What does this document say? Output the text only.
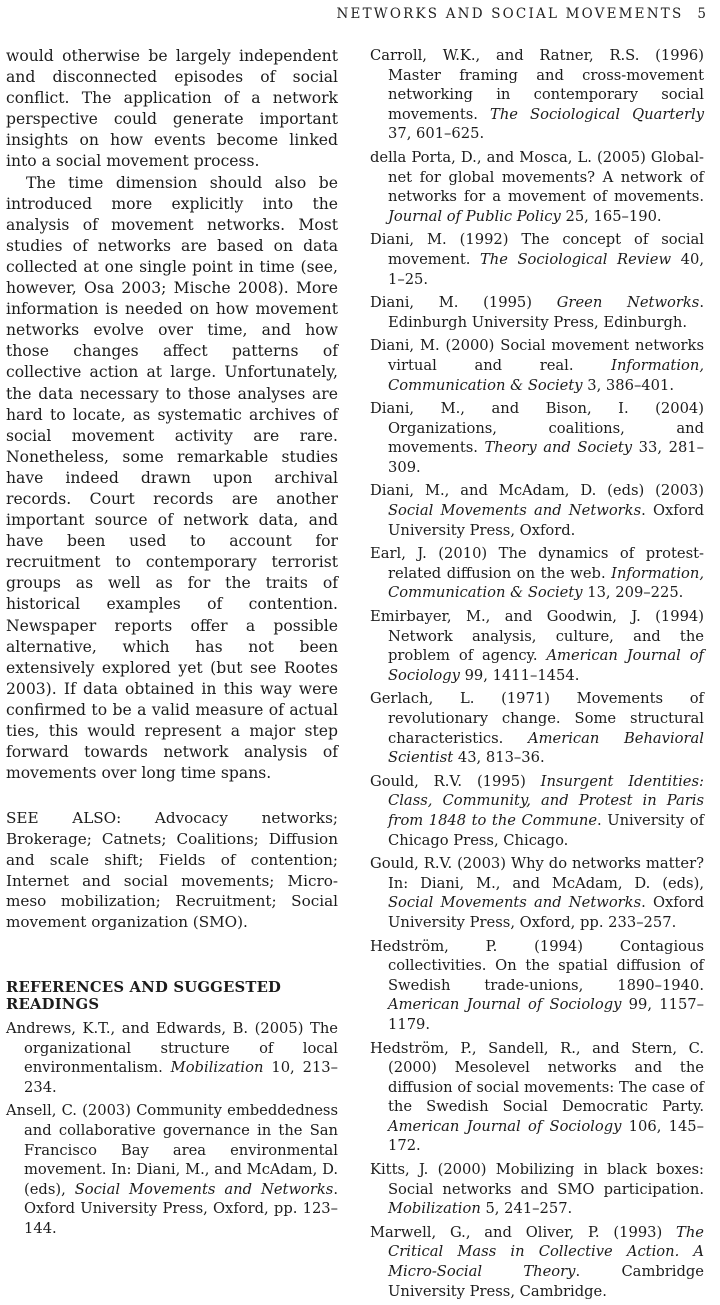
NETWORKS AND SOCIAL MOVEMENTS 5

would otherwise be largely independent and disconnected episodes of social conflict. The application of a network perspective could generate important insights on how events become linked into a social movement process.

The time dimension should also be introduced more explicitly into the analysis of movement networks. Most studies of networks are based on data collected at one single point in time (see, however, Osa 2003; Mische 2008). More information is needed on how movement networks evolve over time, and how those changes affect patterns of collective action at large. Unfortunately, the data necessary to those analyses are hard to locate, as systematic archives of social movement activity are rare. Nonetheless, some remarkable studies have indeed drawn upon archival records. Court records are another important source of network data, and have been used to account for recruitment to contemporary terrorist groups as well as for the traits of historical examples of contention. Newspaper reports offer a possible alternative, which has not been extensively explored yet (but see Rootes 2003). If data obtained in this way were confirmed to be a valid measure of actual ties, this would represent a major step forward towards network analysis of movements over long time spans.

SEE ALSO: Advocacy networks; Brokerage; Catnets; Coalitions; Diffusion and scale shift; Fields of contention; Internet and social movements; Micro-meso mobilization; Recruitment; Social movement organization (SMO).
REFERENCES AND SUGGESTED READINGS

Andrews, K.T., and Edwards, B. (2005) The organizational structure of local environmentalism. Mobilization 10, 213–234.

Ansell, C. (2003) Community embeddedness and collaborative governance in the San Francisco Bay area environmental movement. In: Diani, M., and McAdam, D. (eds), Social Movements and Networks. Oxford University Press, Oxford, pp. 123–144.

Carroll, W.K., and Ratner, R.S. (1996) Master framing and cross-movement networking in contemporary social movements. The Sociological Quarterly 37, 601–625.

della Porta, D., and Mosca, L. (2005) Global-net for global movements? A network of networks for a movement of movements. Journal of Public Policy 25, 165–190.

Diani, M. (1992) The concept of social movement. The Sociological Review 40, 1–25.

Diani, M. (1995) Green Networks. Edinburgh University Press, Edinburgh.

Diani, M. (2000) Social movement networks virtual and real. Information, Communication & Society 3, 386–401.

Diani, M., and Bison, I. (2004) Organizations, coalitions, and movements. Theory and Society 33, 281–309.

Diani, M., and McAdam, D. (eds) (2003) Social Movements and Networks. Oxford University Press, Oxford.

Earl, J. (2010) The dynamics of protest-related diffusion on the web. Information, Communication & Society 13, 209–225.

Emirbayer, M., and Goodwin, J. (1994) Network analysis, culture, and the problem of agency. American Journal of Sociology 99, 1411–1454.

Gerlach, L. (1971) Movements of revolutionary change. Some structural characteristics. American Behavioral Scientist 43, 813–36.

Gould, R.V. (1995) Insurgent Identities: Class, Community, and Protest in Paris from 1848 to the Commune. University of Chicago Press, Chicago.

Gould, R.V. (2003) Why do networks matter? In: Diani, M., and McAdam, D. (eds), Social Movements and Networks. Oxford University Press, Oxford, pp. 233–257.

Hedström, P. (1994) Contagious collectivities. On the spatial diffusion of Swedish trade-unions, 1890–1940. American Journal of Sociology 99, 1157–1179.

Hedström, P., Sandell, R., and Stern, C. (2000) Mesolevel networks and the diffusion of social movements: The case of the Swedish Social Democratic Party. American Journal of Sociology 106, 145–172.

Kitts, J. (2000) Mobilizing in black boxes: Social networks and SMO participation. Mobilization 5, 241–257.

Marwell, G., and Oliver, P. (1993) The Critical Mass in Collective Action. A Micro-Social Theory. Cambridge University Press, Cambridge.
